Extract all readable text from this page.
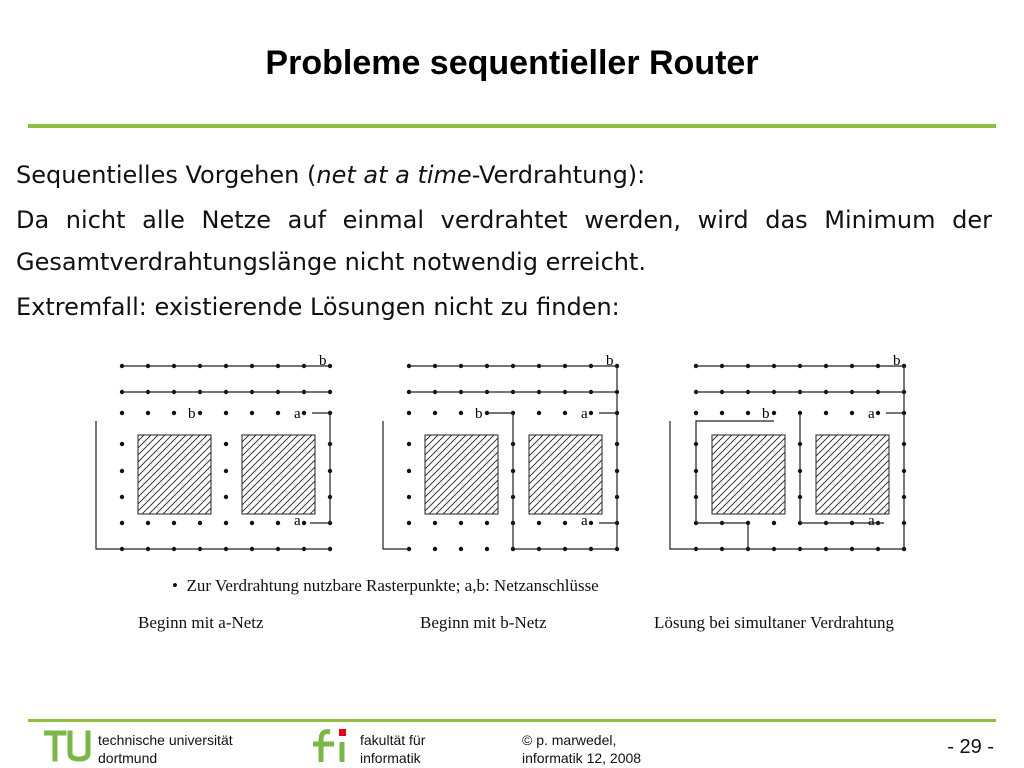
Probleme sequentieller Router

Sequentielles Vorgehen (net at a time-Verdrahtung):

Da nicht alle Netze auf einmal verdrahtet werden, wird das Minimum der Gesamtverdrahtungslänge nicht notwendig erreicht.

Extremfall: existierende Lösungen nicht zu finden:

b
b	a
a
b
b	a
a
b
b	a
a
• Zur Verdrahtung nutzbare Rasterpunkte; a,b: Netzanschlüsse
Beginn mit a-Netz	Beginn mit b-Netz	Lösung bei simultaner Verdrahtung
technische universität
dortmund
fakultät für
informatik
© p. marwedel,
informatik 12, 2008	- 29 -
